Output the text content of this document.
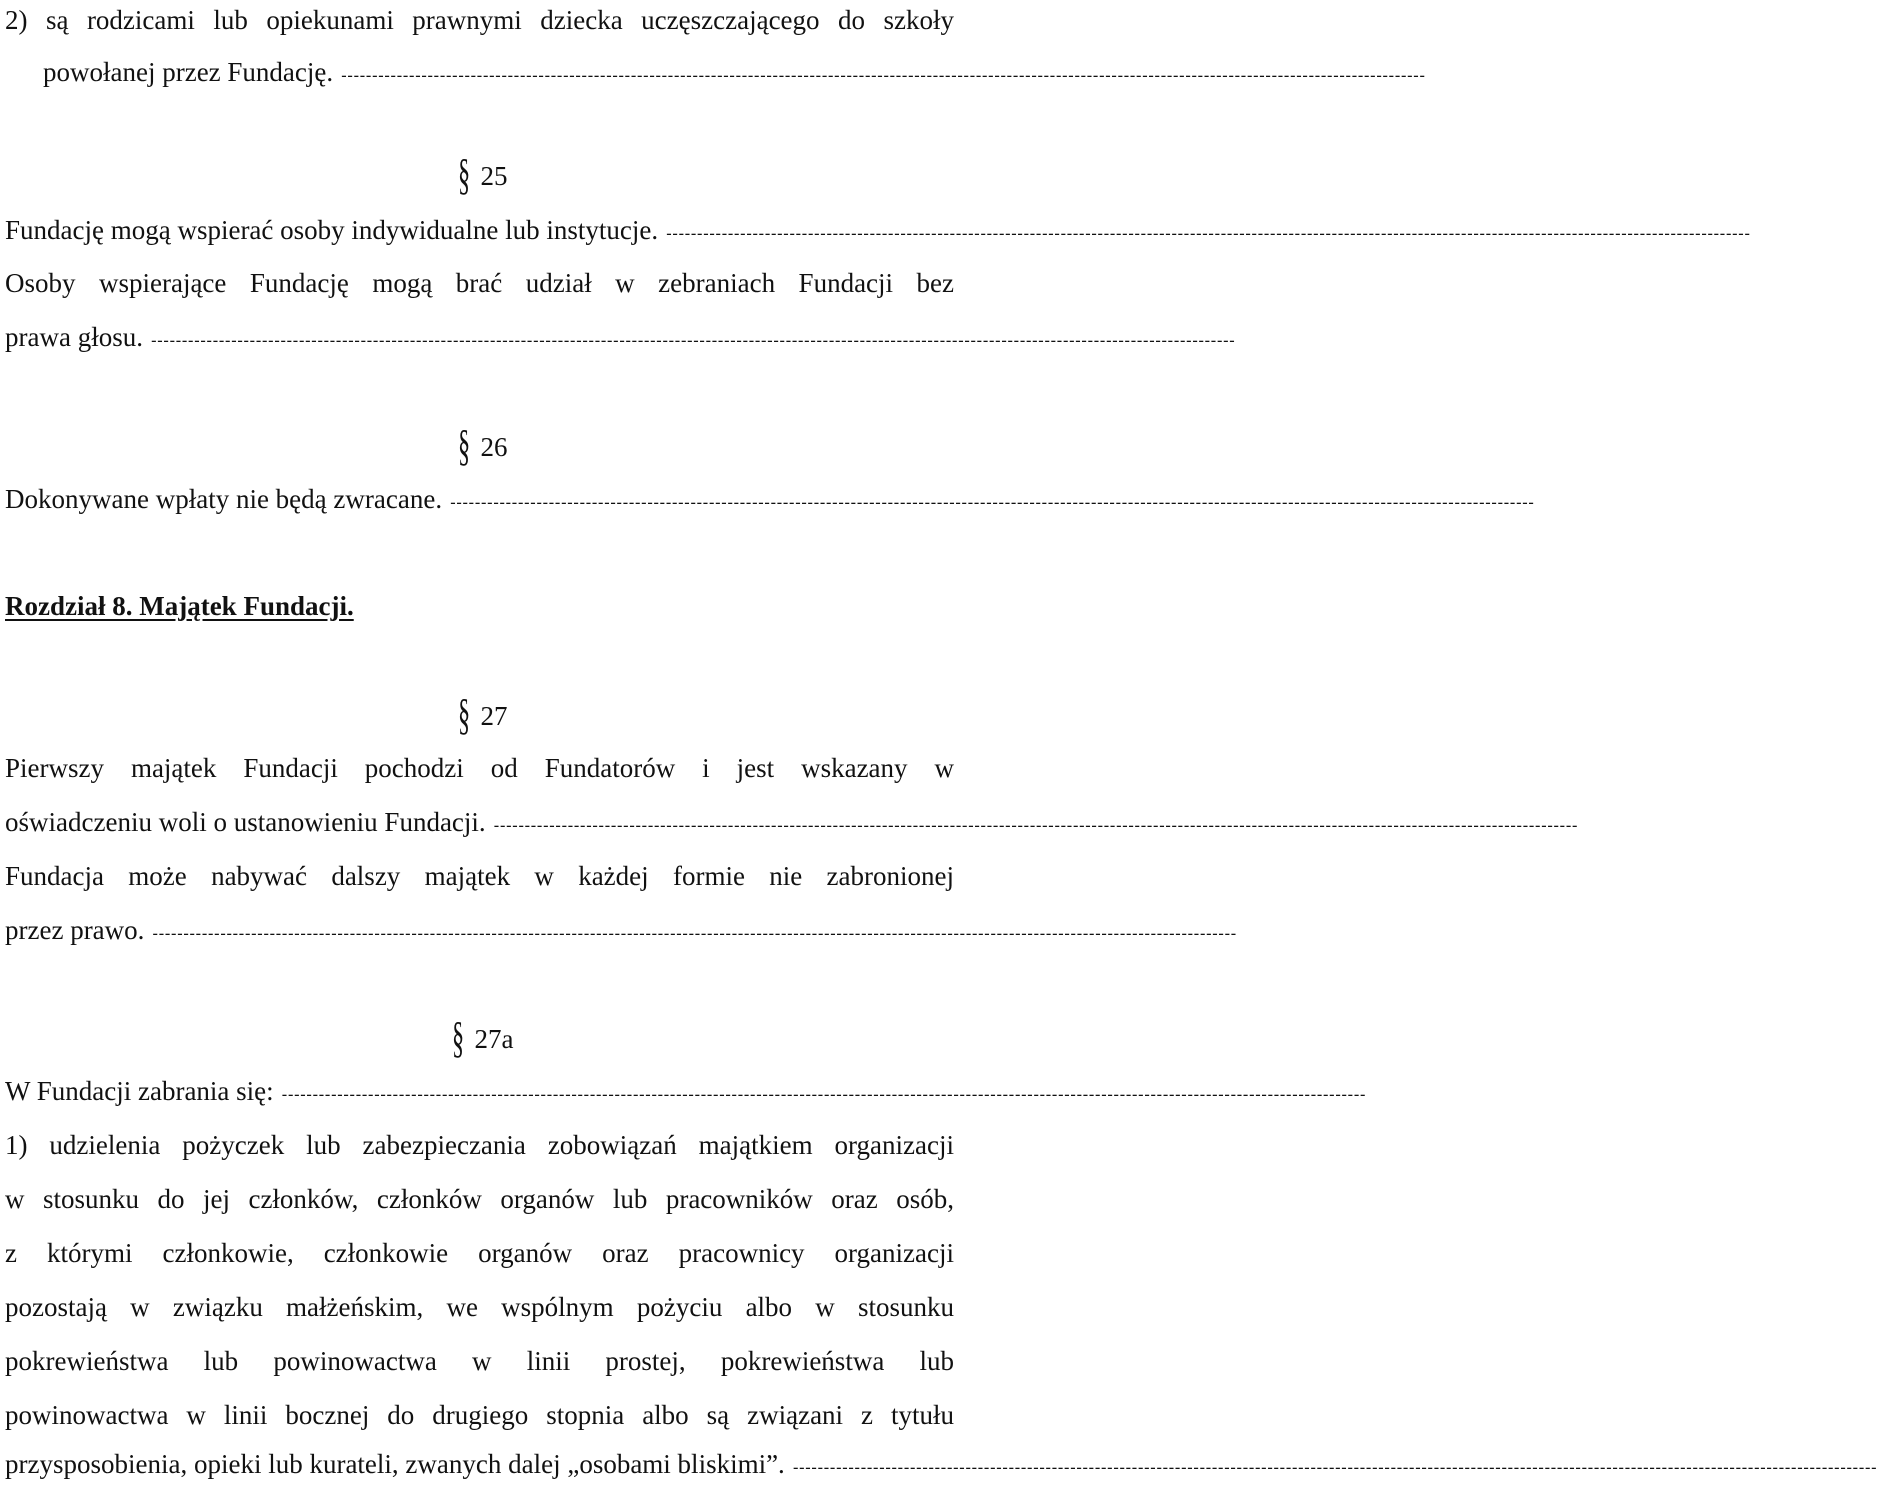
2) są rodzicami lub opiekunami prawnymi dziecka uczęszczającego do szkoły
powołanej przez Fundację. --------------------------------------------------------------------------------------------------------------------------------------------------------------------------------
§ 25
Fundację mogą wspierać osoby indywidualne lub instytucje. --------------------------------------------------------------------------------------------------------------------------------------------------------------------------------
Osoby wspierające Fundację mogą brać udział w zebraniach Fundacji bez
prawa głosu. --------------------------------------------------------------------------------------------------------------------------------------------------------------------------------
§ 26
Dokonywane wpłaty nie będą zwracane. --------------------------------------------------------------------------------------------------------------------------------------------------------------------------------
Rozdział 8. Majątek Fundacji.
§ 27
Pierwszy majątek Fundacji pochodzi od Fundatorów i jest wskazany w
oświadczeniu woli o ustanowieniu Fundacji. --------------------------------------------------------------------------------------------------------------------------------------------------------------------------------
Fundacja może nabywać dalszy majątek w każdej formie nie zabronionej
przez prawo. --------------------------------------------------------------------------------------------------------------------------------------------------------------------------------
§ 27a
W Fundacji zabrania się: --------------------------------------------------------------------------------------------------------------------------------------------------------------------------------
1) udzielenia pożyczek lub zabezpieczania zobowiązań majątkiem organizacji
w stosunku do jej członków, członków organów lub pracowników oraz osób,
z którymi członkowie, członkowie organów oraz pracownicy organizacji
pozostają w związku małżeńskim, we wspólnym pożyciu albo w stosunku
pokrewieństwa lub powinowactwa w linii prostej, pokrewieństwa lub
powinowactwa w linii bocznej do drugiego stopnia albo są związani z tytułu
przysposobienia, opieki lub kurateli, zwanych dalej „osobami bliskimi”. --------------------------------------------------------------------------------------------------------------------------------------------------------------------------------
